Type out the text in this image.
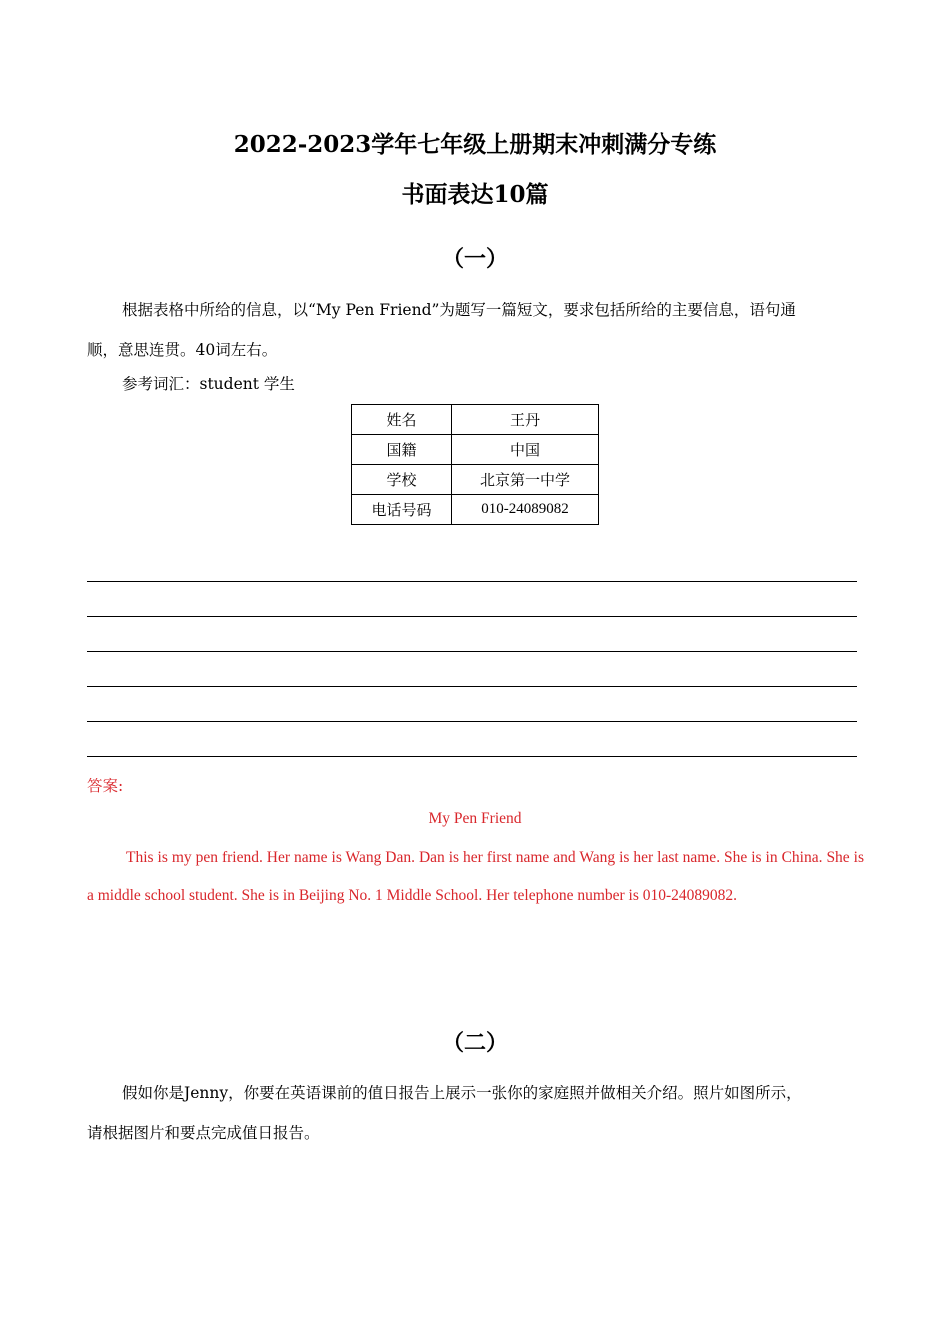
2022-2023学年七年级上册期末冲刺满分专练
书面表达10篇
（一）
根据表格中所给的信息，以“My Pen Friend”为题写一篇短文，要求包括所给的主要信息，语句通
顺，意思连贯。40词左右。
参考词汇：student 学生
姓名	王丹
国籍	中国
学校	北京第一中学
电话号码	010-24089082
答案:
My Pen Friend
This is my pen friend. Her name is Wang Dan. Dan is her first name and Wang is her last name. She is in China. She is a middle school student. She is in Beijing No. 1 Middle School. Her telephone number is 010-24089082.
（二）
假如你是Jenny，你要在英语课前的值日报告上展示一张你的家庭照并做相关介绍。照片如图所示，
请根据图片和要点完成值日报告。
